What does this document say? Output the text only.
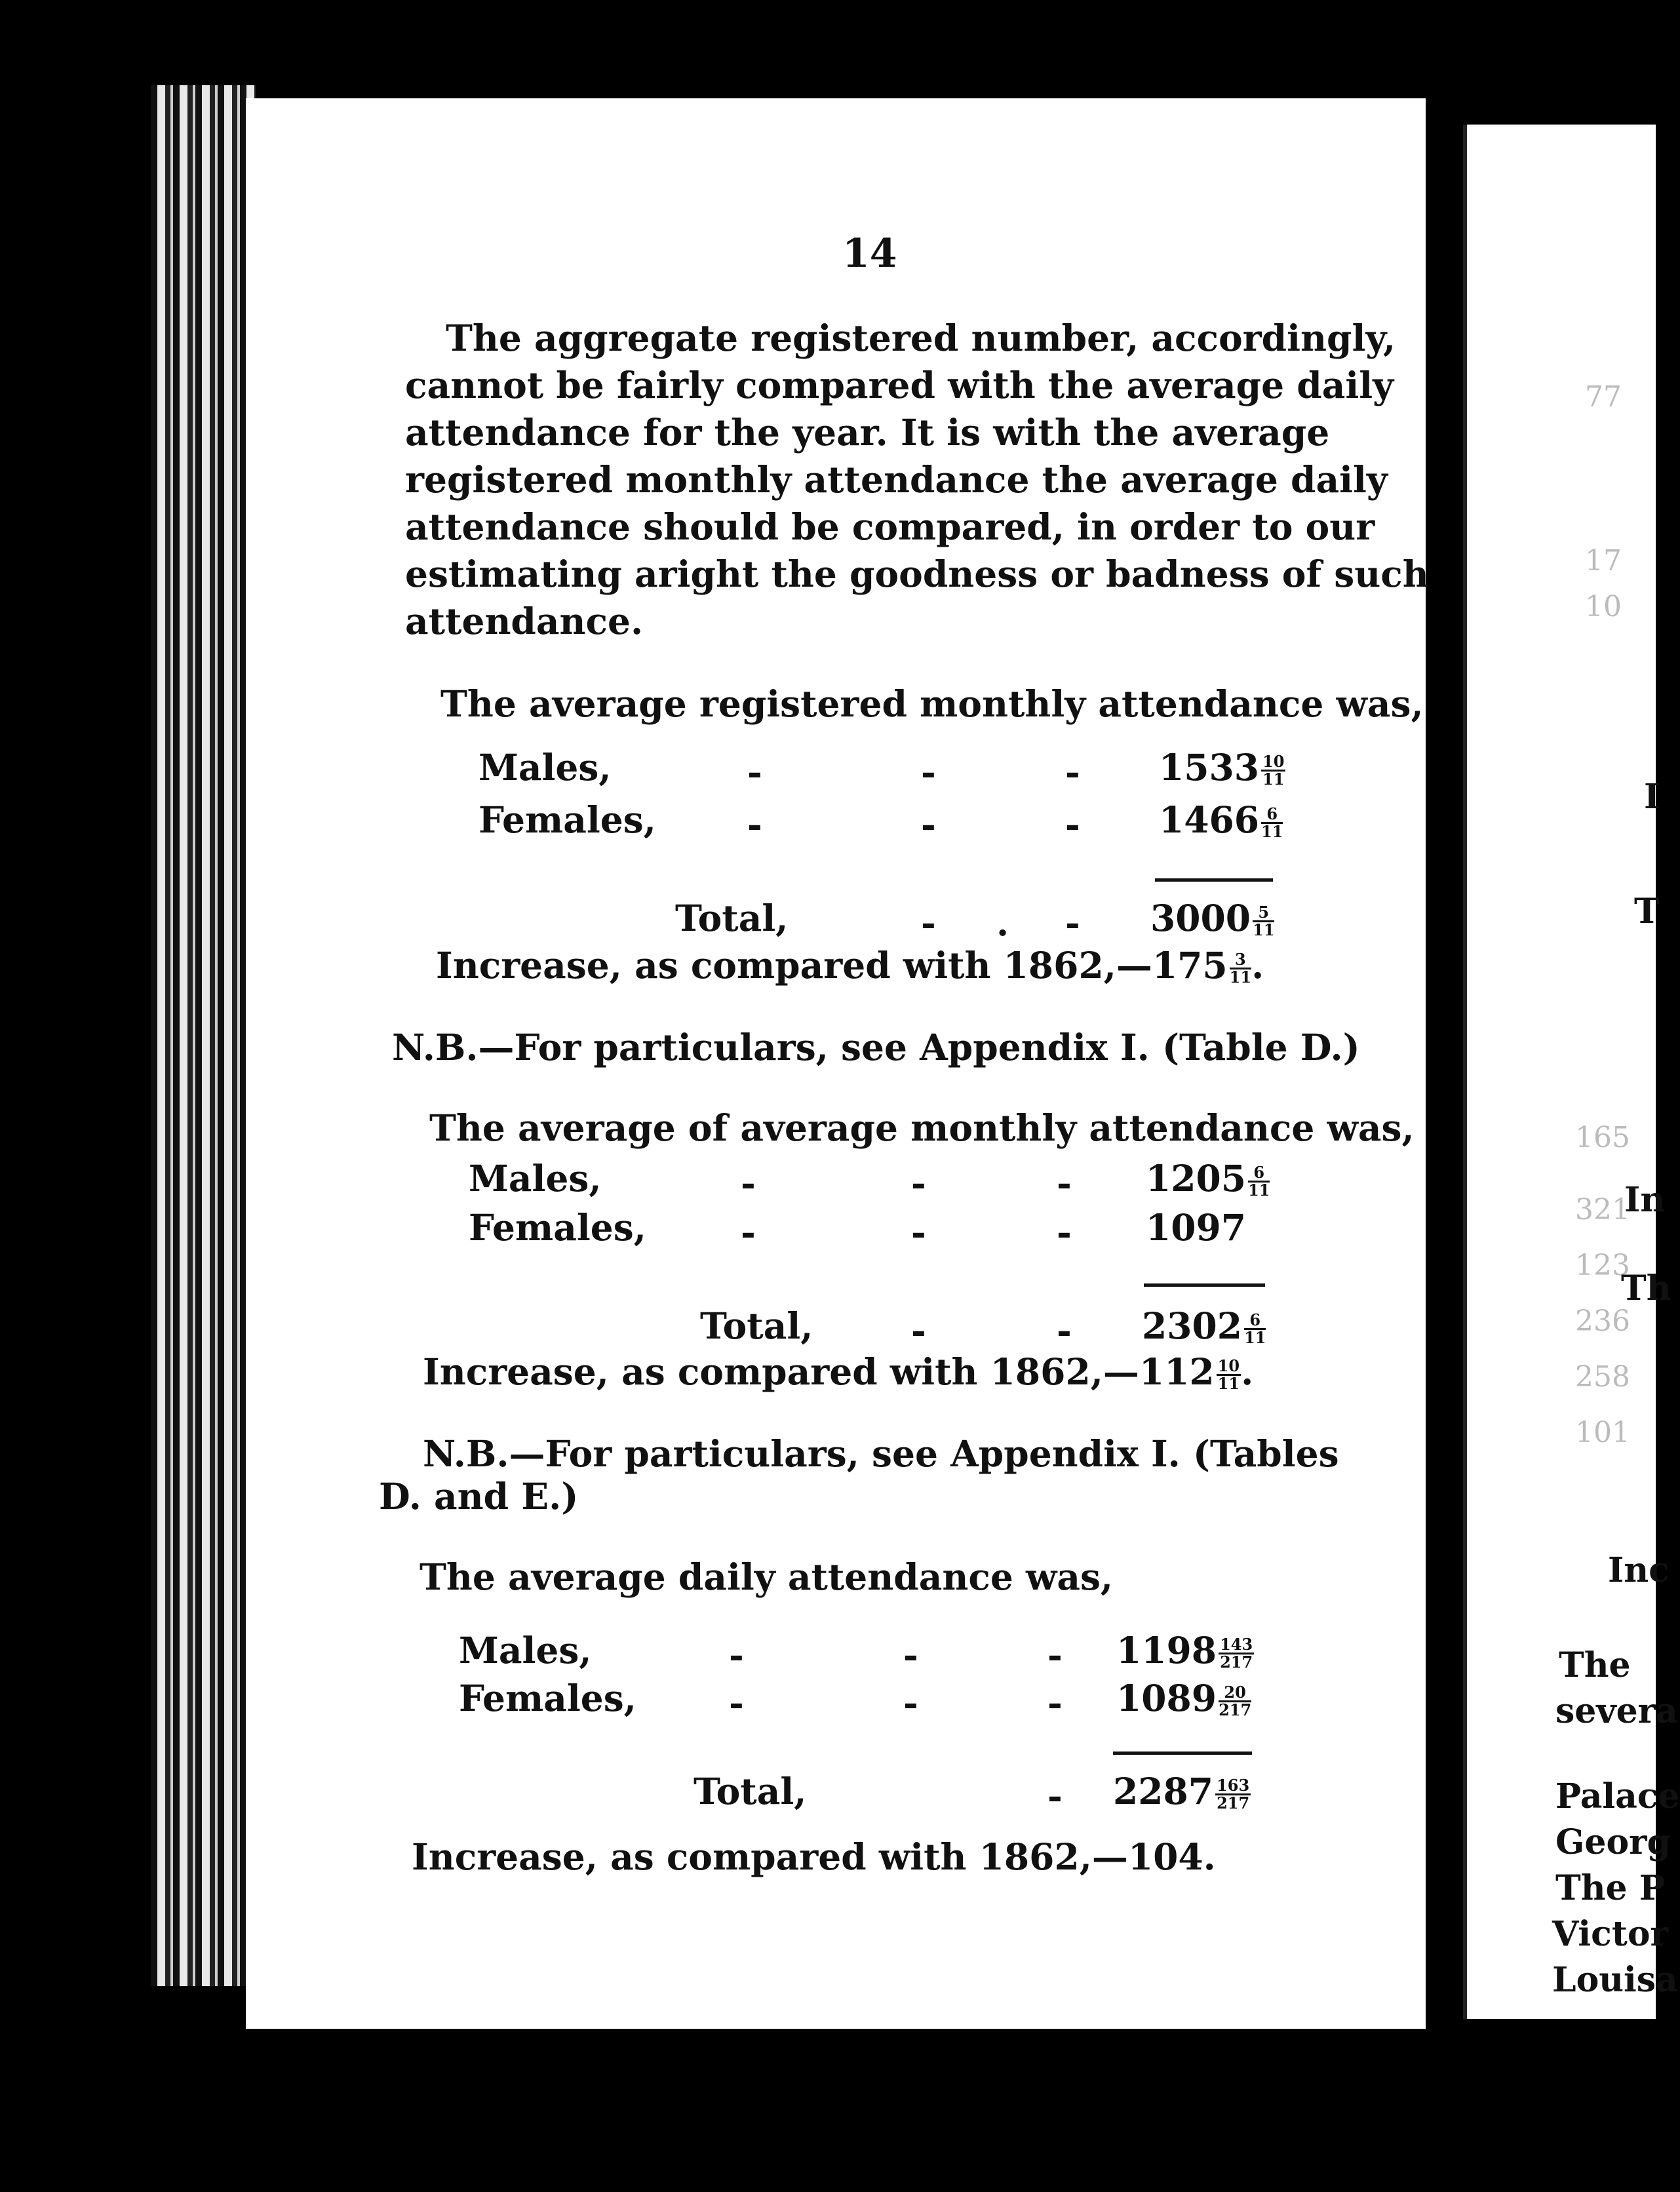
77
17
10
165
321
123
236
258
101
I
T
In
Th
Inc
The
severa
Palace
Georg
The P
Victor
Louisa
14
The aggregate registered number, accordingly,
cannot be fairly compared with the average daily
attendance for the year. It is with the average
registered monthly attendance the average daily
attendance should be compared, in order to our
estimating aright the goodness or badness of such
attendance.
The average registered monthly attendance was,
Males,	-	-	- $1533 \frac{10}{11}$
Females,	-	-	- $1466 \frac{6}{11}$
Total,	- . - $3000 \frac{5}{11}$
Increase, as compared with 1862,—175 $\frac{3}{11}$ .
N.B.—For particulars, see Appendix I. (Table D.)
The average of average monthly attendance was,
Males,	-	-	- $1205 \frac{6}{11}$
Females,	-	-	- 1097
Total,	-	- $2302 \frac{6}{11}$
Increase, as compared with 1862,—112 $\frac{10}{11}$ .
N.B.—For particulars, see Appendix I. (Tables
D. and E.)
The average daily attendance was,
Males,	-	-	- $1198 \frac{143}{217}$
Females,	-	-	- $1089 \frac{20}{217}$
Total,	- $2287 \frac{163}{217}$
Increase, as compared with 1862,—104.
